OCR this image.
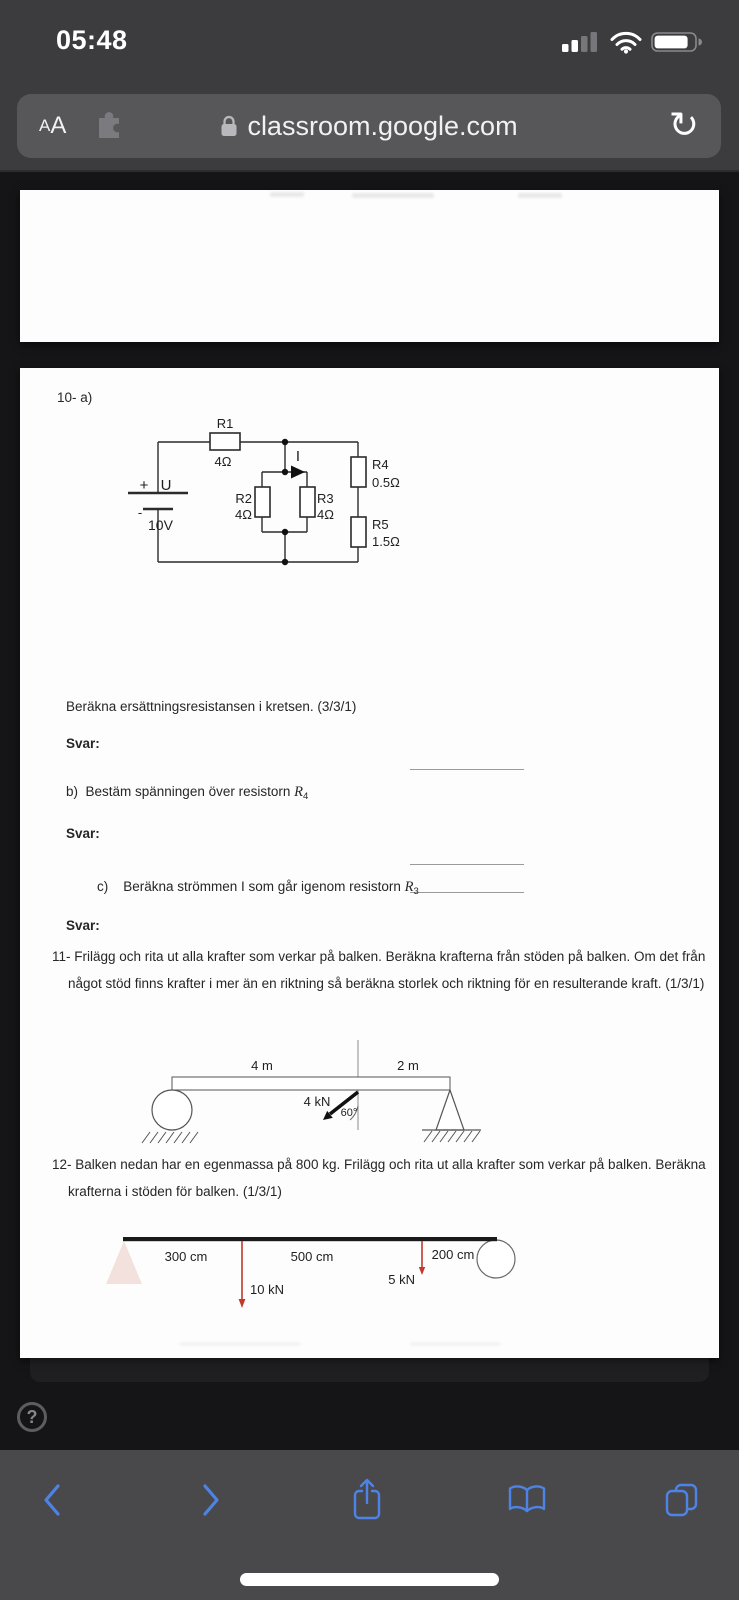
05:48
A A	classroom.google.com	↻
10- a)
R1
4Ω	I
R2
4Ω
R3
4Ω
R4
0.5Ω
R5
1.5Ω
+ U
-
10V
Beräkna ersättningsresistansen i kretsen. (3/3/1)
Svar:
b)  Bestäm spänningen över resistorn $R_4$
Svar:
c)    Beräkna strömmen I som går igenom resistorn $R_3$
Svar:
11- Frilägg och rita ut alla krafter som verkar på balken. Beräkna krafterna från stöden på balken. Om det från
något stöd finns krafter i mer än en riktning så beräkna storlek och riktning för en resulterande kraft. (1/3/1)
4 m	2 m
4 kN
60°
12- Balken nedan har en egenmassa på 800 kg. Frilägg och rita ut alla krafter som verkar på balken. Beräkna
krafterna i stöden för balken. (1/3/1)
300 cm	500 cm	200 cm
10 kN
5 kN
?
